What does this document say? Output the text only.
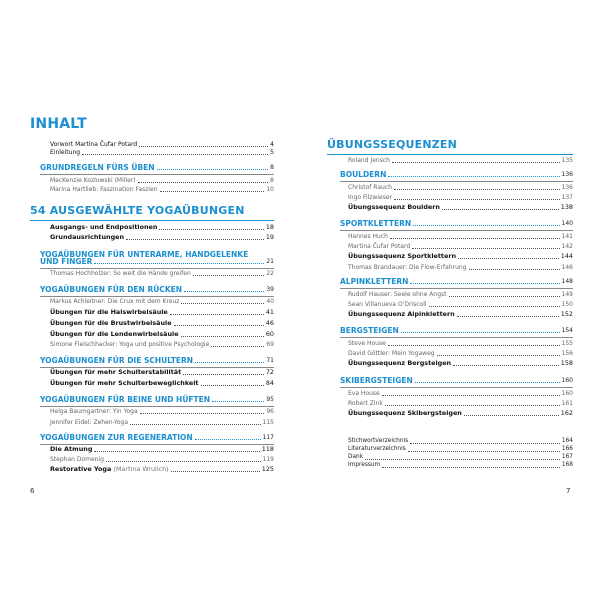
INHALT
Vorwort Martina Čufar Potard	4
Einleitung	5
GRUNDREGELN FÜRS ÜBEN	8
MacKenzie Kozlowski (Miller)	8
Marina Hartlieb: Faszination Faszien	10
54 AUSGEWÄHLTE YOGAÜBUNGEN
Ausgangs- und Endpositionen	18
Grundausrichtungen	19
YOGAÜBUNGEN FÜR UNTERARME, HANDGELENKE
UND FINGER	21
Thomas Hochholzer: So weit die Hände greifen	22
YOGAÜBUNGEN FÜR DEN RÜCKEN	39
Markus Achleitner: Die Crux mit dem Kreuz	40
Übungen für die Halswirbelsäule	41
Übungen für die Brustwirbelsäule	46
Übungen für die Lendenwirbelsäule	60
Simone Fleischhacker: Yoga und positive Psychologie	69
YOGAÜBUNGEN FÜR DIE SCHULTERN	71
Übungen für mehr Schulterstabilität	72
Übungen für mehr Schulterbeweglichkeit	84
YOGAÜBUNGEN FÜR BEINE UND HÜFTEN	95
Helga Baumgartner: Yin Yoga	96
Jennifer Eidel: Zehen-Yoga	115
YOGAÜBUNGEN ZUR REGENERATION	117
Die Atmung	118
Stephan Domenig	119
Restorative Yoga (Martina Wrulich)	125
6
ÜBUNGSSEQUENZEN
Roland Jensch	135
Stichwortverzeichnis	164
Literaturverzeichnis	166
Dank	167
Impressum	168
7
BOULDERN	136
Christof Rauch	136
Ingo Filzwieser	137
Übungssequenz Bouldern	138
SPORTKLETTERN	140
Hannes Huch	141
Martina Čufar Potard	142
Übungssequenz Sportklettern	144
Thomas Brandauer: Die Flow-Erfahrung	146
ALPINKLETTERN	148
Rudolf Hauser: Seele ohne Angst	149
Sean Villanueva O'Driscoll	150
Übungssequenz Alpinklettern	152
BERGSTEIGEN	154
Steve House	155
David Göttler: Mein Yogaweg	156
Übungssequenz Bergsteigen	158
SKIBERGSTEIGEN	160
Eva House	160
Robert Zink	161
Übungssequenz Skibergsteigen	162
